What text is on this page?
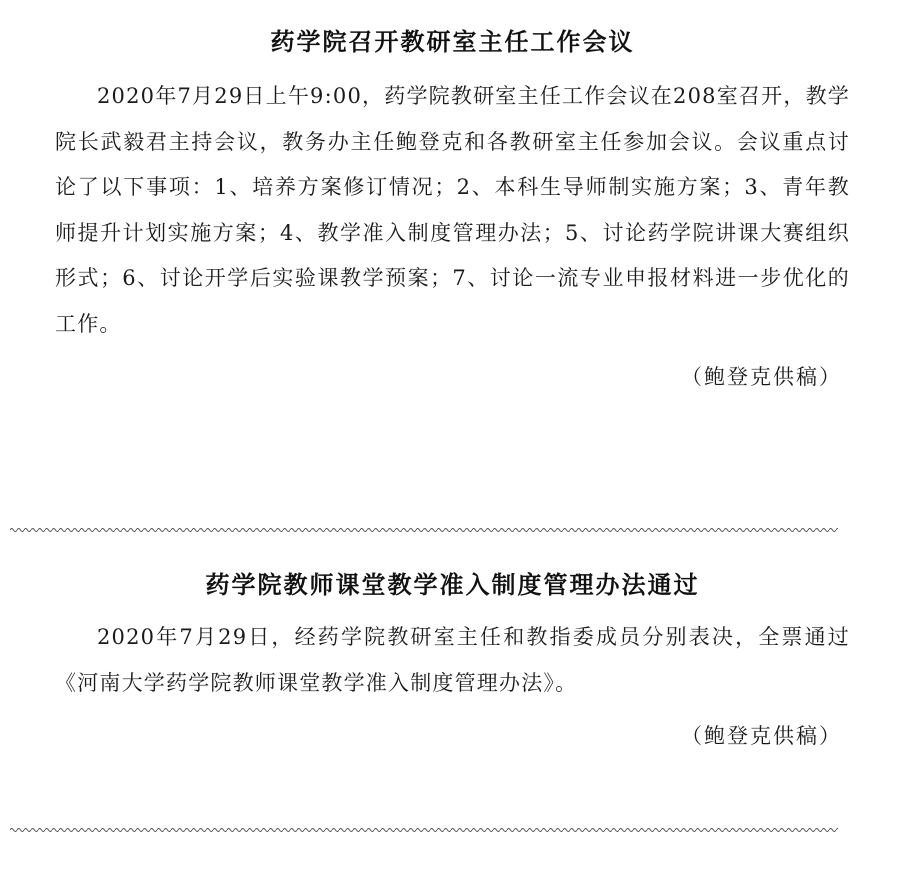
药学院召开教研室主任工作会议

2020年7月29日上午9:00，药学院教研室主任工作会议在208室召开，教学院长武毅君主持会议，教务办主任鲍登克和各教研室主任参加会议。会议重点讨论了以下事项：1、培养方案修订情况；2、本科生导师制实施方案；3、青年教师提升计划实施方案；4、教学准入制度管理办法；5、讨论药学院讲课大赛组织形式；6、讨论开学后实验课教学预案；7、讨论一流专业申报材料进一步优化的工作。

（鲍登克供稿）

药学院教师课堂教学准入制度管理办法通过

2020年7月29日，经药学院教研室主任和教指委成员分别表决，全票通过《河南大学药学院教师课堂教学准入制度管理办法》。

（鲍登克供稿）
